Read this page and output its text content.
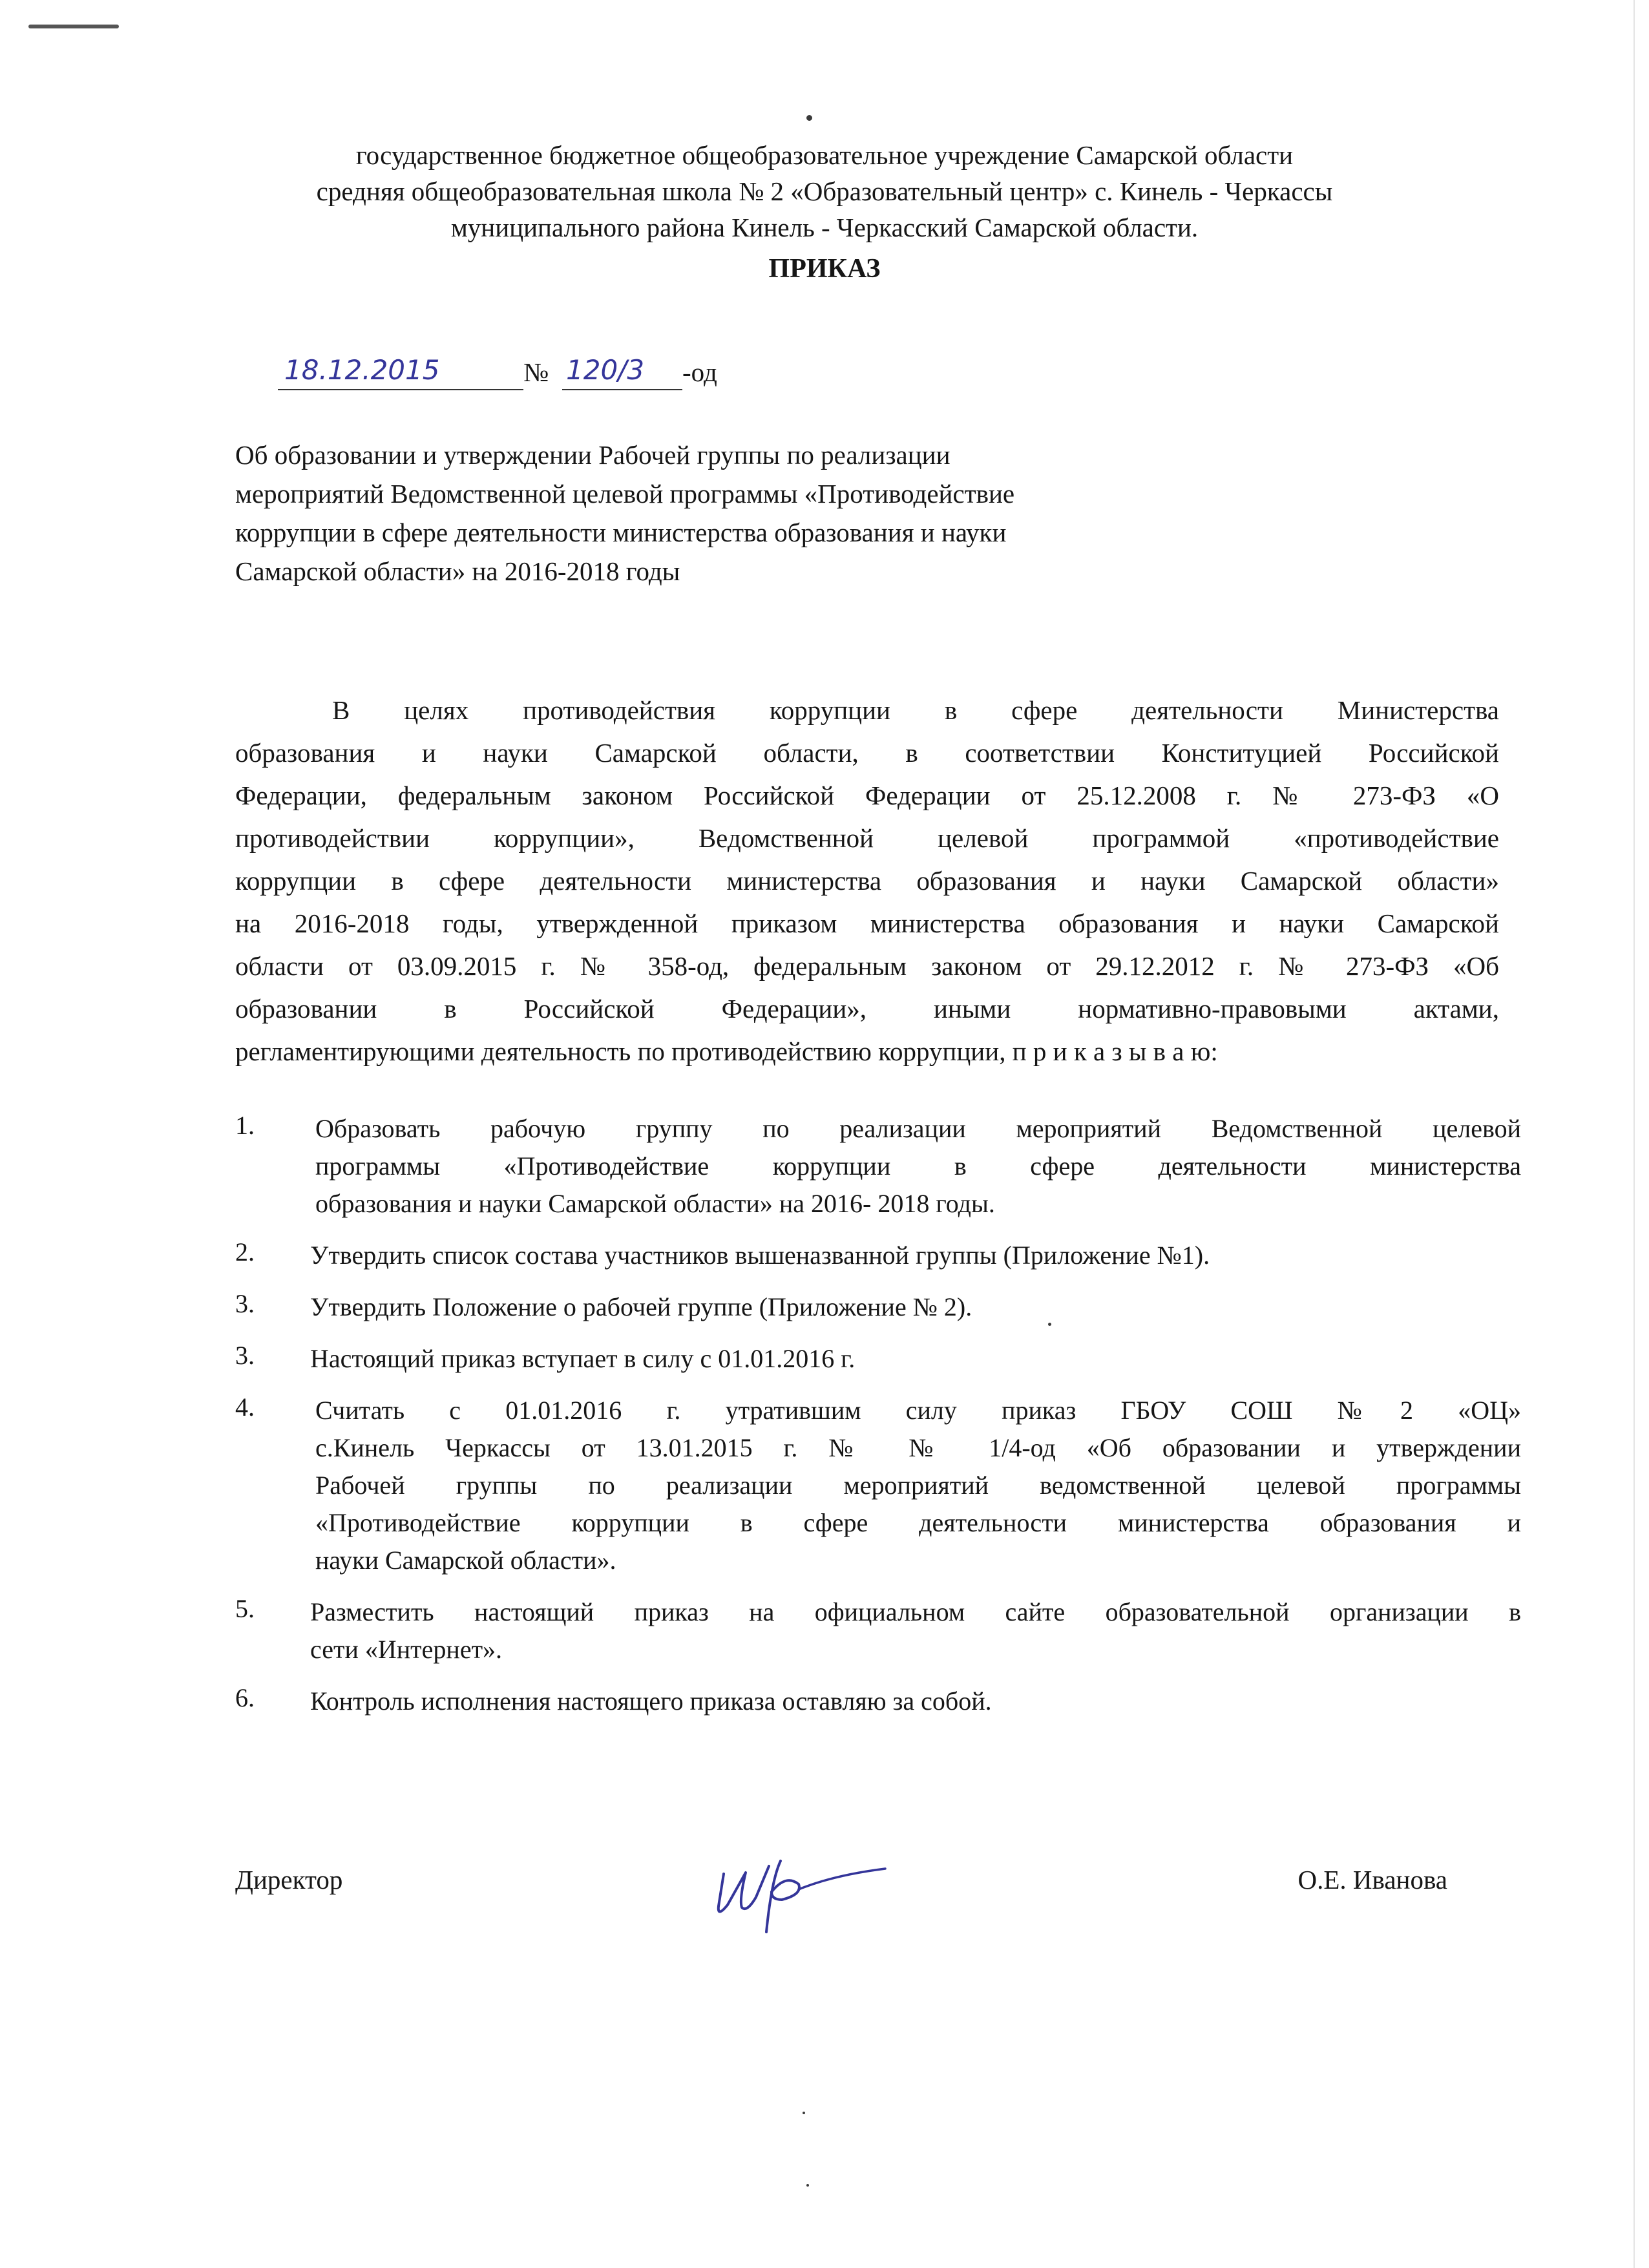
государственное бюджетное общеобразовательное учреждение Самарской области
средняя общеобразовательная школа № 2 «Образовательный центр» с. Кинель - Черкассы
муниципального района Кинель - Черкасский Самарской области.
ПРИКАЗ
18.12.2015	№ 120/3 -од
Об образовании и утверждении Рабочей группы по реализации
мероприятий Ведомственной целевой программы «Противодействие
коррупции в сфере деятельности министерства образования и науки
Самарской области» на 2016-2018 годы
В целях противодействия коррупции в сфере деятельности Министерства
образования и науки Самарской области, в соответствии Конституцией Российской
Федерации, федеральным законом Российской Федерации от 25.12.2008 г. № 273-ФЗ «О
противодействии коррупции», Ведомственной целевой программой «противодействие
коррупции в сфере деятельности министерства образования и науки Самарской области»
на 2016-2018 годы, утвержденной приказом министерства образования и науки Самарской
области от 03.09.2015 г. № 358-од, федеральным законом от 29.12.2012 г. № 273-ФЗ «Об
образовании в Российской Федерации», иными нормативно-правовыми актами,
регламентирующими деятельность по противодействию коррупции, п р и к а з ы в а ю:
1. Образовать рабочую группу по реализации мероприятий Ведомственной целевой
программы «Противодействие коррупции в сфере деятельности министерства
образования и науки Самарской области» на 2016- 2018 годы.
2. Утвердить список состава участников вышеназванной группы (Приложение №1).
3. Утвердить Положение о рабочей группе (Приложение № 2).
3. Настоящий приказ вступает в силу с 01.01.2016 г.
4. Считать с 01.01.2016 г. утратившим силу приказ ГБОУ СОШ №2 «ОЦ»
с.Кинель Черкассы от 13.01.2015 г. № № 1/4-од «Об образовании и утверждении
Рабочей группы по реализации мероприятий ведомственной целевой программы
«Противодействие коррупции в сфере деятельности министерства образования и
науки Самарской области».
5. Разместить настоящий приказ на официальном сайте образовательной организации в
сети «Интернет».
6. Контроль исполнения настоящего приказа оставляю за собой.
Директор	О.Е. Иванова
